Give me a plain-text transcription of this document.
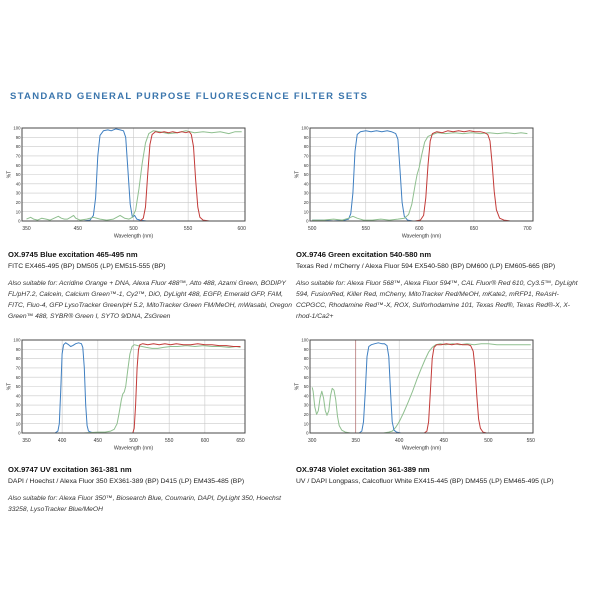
STANDARD GENERAL PURPOSE FLUORESCENCE FILTER SETS
0
10
20
30
40
50
60
70
80
90
100
350	450	500	550	600
Wavelength (nm)
%T
0
10
20
30
40
50
60
70
80
90
100
500	550	600	650	700
Wavelength (nm)
%T
0
10
20
30
40
50
60
70
80
90
100
350	400	450	500	550	600	650
Wavelength (nm)
%T
0
10
20
30
40
50
60
70
80
90
100
300	350	400	450	500	550
Wavelength (nm)
%T
OX.9745 Blue excitation 465-495 nm
FITC EX465-495 (BP) DM505 (LP) EM515-555 (BP)
Also suitable for: Acridine Orange + DNA, Alexa Fluor 488™, Atto 488, Azami Green, BODIPY FL/pH7.2, Calcein, Calcium Green™-1, Cy2™, DiO, DyLight 488, EGFP, Emerald GFP, FAM, FITC, Fluo-4, GFP LysoTracker Green/pH 5.2, MitoTracker Green FM/MeOH, mWasabi, Oregon Green™ 488, SYBR® Green I, SYTO 9/DNA, ZsGreen
OX.9746 Green excitation 540-580 nm
Texas Red / mCherry / Alexa Fluor 594 EX540-580 (BP) DM600 (LP) EM605-665 (BP)
Also suitable for: Alexa Fluor 568™, Alexa Fluor 594™, CAL Fluor® Red 610, Cy3.5™, DyLight 594, FusionRed, Killer Red, mCherry, MitoTracker Red/MeOH, mKate2, mRFP1, ReAsH-CCPGCC, Rhodamine Red™-X, ROX, Sulforhodamine 101, Texas Red®, Texas Red®-X, X-rhod-1/Ca2+
OX.9747 UV excitation 361-381 nm
DAPI / Hoechst / Alexa Fluor 350 EX361-389 (BP) D415 (LP) EM435-485 (BP)
Also suitable for: Alexa Fluor 350™, Biosearch Blue, Coumarin, DAPI, DyLight 350, Hoechst 33258, LysoTracker Blue/MeOH
OX.9748 Violet excitation 361-389 nm
UV / DAPI Longpass, Calcofluor White EX415-445 (BP) DM455 (LP) EM465-495 (LP)
